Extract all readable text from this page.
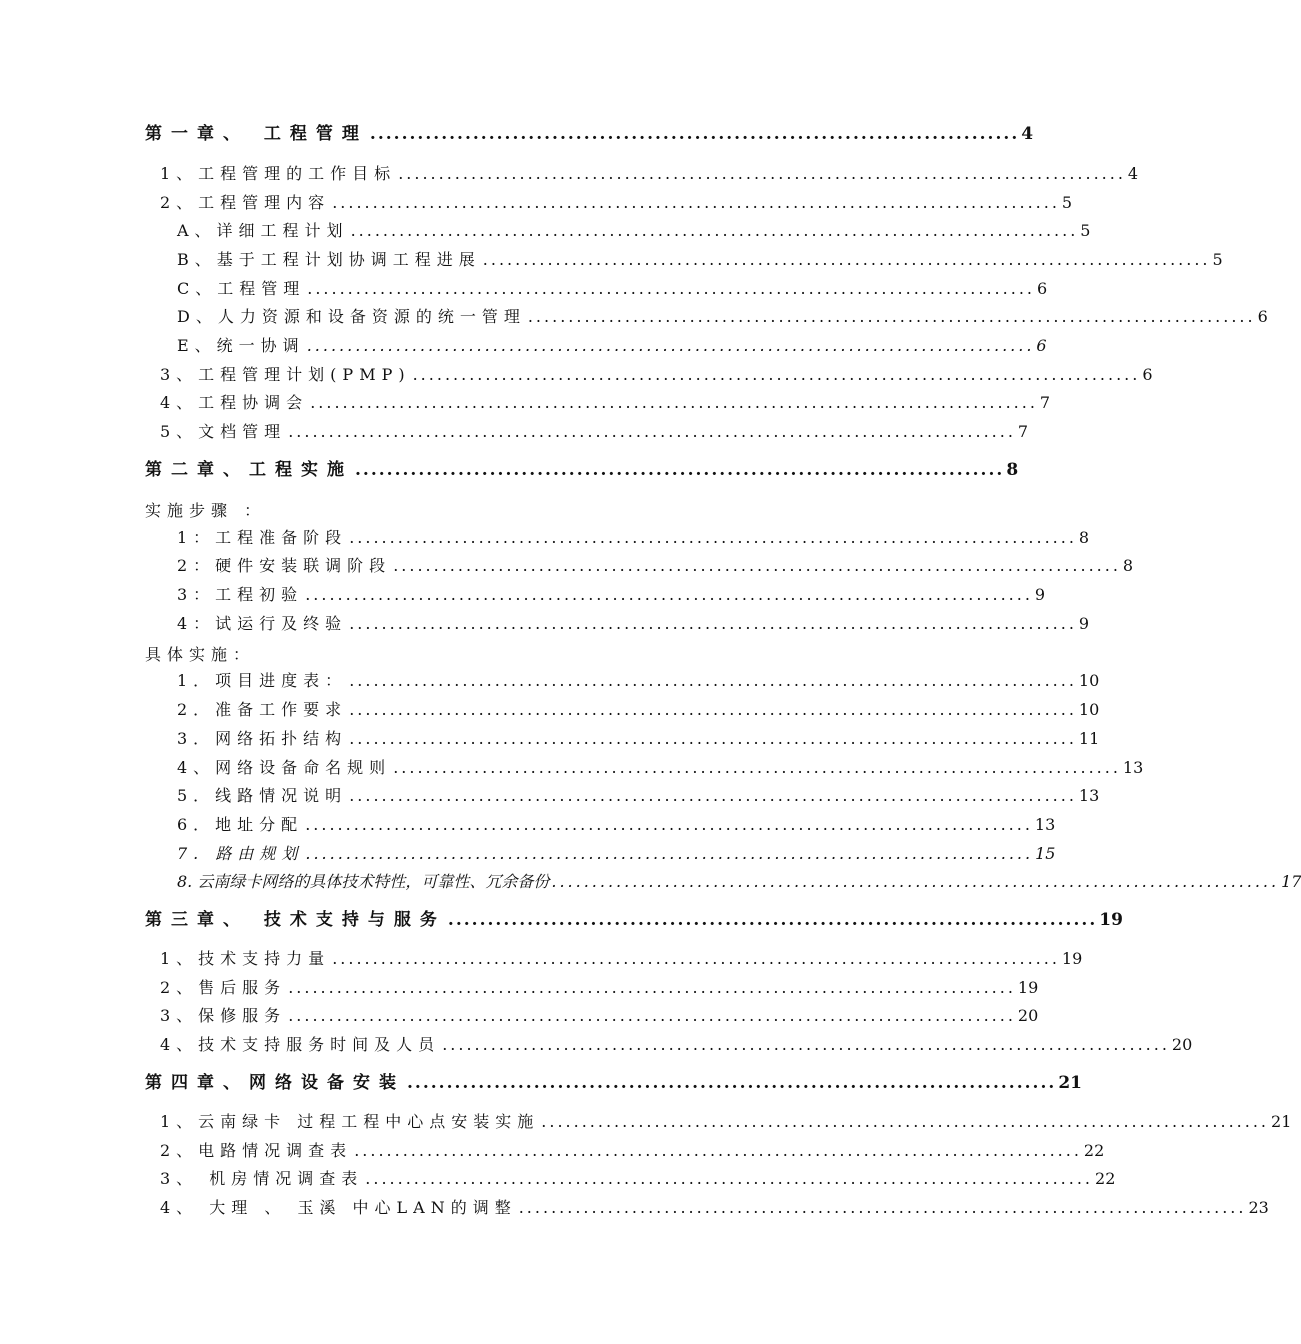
第一章、 工程管理 .................................................................................. 4
1、工程管理的工作目标 .......................................................................................... 4
2、工程管理内容 .......................................................................................... 5
A、详细工程计划 .......................................................................................... 5
B、基于工程计划协调工程进展 .......................................................................................... 5
C、工程管理 .......................................................................................... 6
D、人力资源和设备资源的统一管理 .......................................................................................... 6
E、统一协调 .......................................................................................... 6
3、工程管理计划(PMP) .......................................................................................... 6
4、工程协调会 .......................................................................................... 7
5、文档管理 .......................................................................................... 7
第二章、工程实施 .................................................................................. 8
实施步骤 ：
1：工程准备阶段 .......................................................................................... 8
2：硬件安装联调阶段 .......................................................................................... 8
3：工程初验 .......................................................................................... 9
4：试运行及终验 .......................................................................................... 9
具体实施：
1．项目进度表： .......................................................................................... 10
2．准备工作要求 .......................................................................................... 10
3．网络拓扑结构 .......................................................................................... 11
4、网络设备命名规则 .......................................................................................... 13
5．线路情况说明 .......................................................................................... 13
6．地址分配 .......................................................................................... 13
7. 路由规划 .......................................................................................... 15
8. 云南绿卡网络的具体技术特性，可靠性、冗余备份 .......................................................................................... 17
第三章、 技术支持与服务 .................................................................................. 19
1、技术支持力量 .......................................................................................... 19
2、售后服务 .......................................................................................... 19
3、保修服务 .......................................................................................... 20
4、技术支持服务时间及人员 .......................................................................................... 20
第四章、网络设备安装 .................................................................................. 21
1、云南绿卡 过程工程中心点安装实施 .......................................................................................... 21
2、电路情况调查表 .......................................................................................... 22
3、 机房情况调查表 .......................................................................................... 22
4、 大理 、 玉溪 中心LAN的调整 .......................................................................................... 23
